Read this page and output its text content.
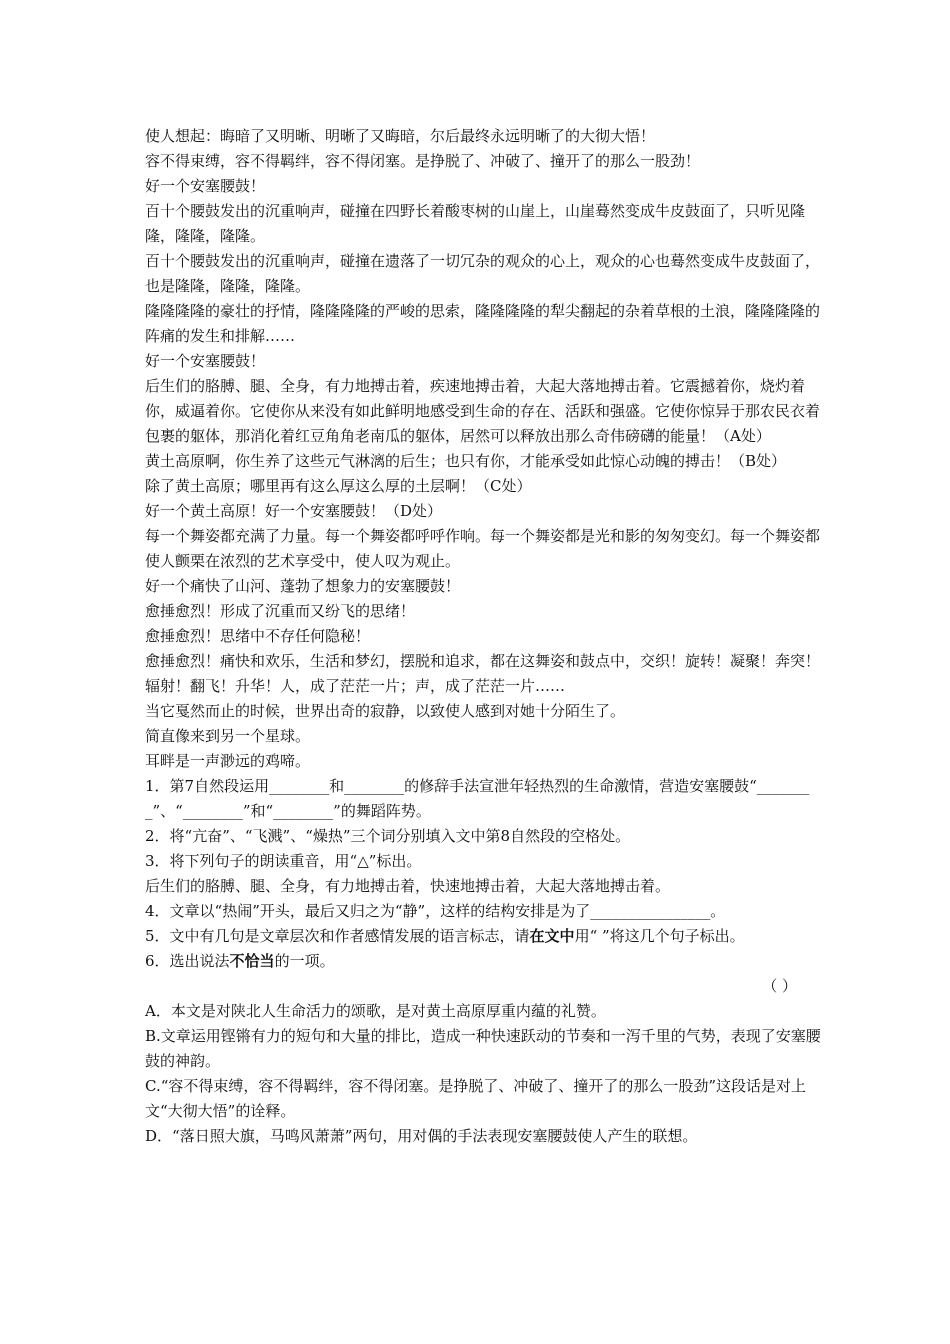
使人想起：晦暗了又明晰、明晰了又晦暗，尔后最终永远明晰了的大彻大悟！

容不得束缚，容不得羁绊，容不得闭塞。是挣脱了、冲破了、撞开了的那么一股劲！

好一个安塞腰鼓！

百十个腰鼓发出的沉重响声，碰撞在四野长着酸枣树的山崖上，山崖蓦然变成牛皮鼓面了，只听见隆隆，隆隆，隆隆。

百十个腰鼓发出的沉重响声，碰撞在遗落了一切冗杂的观众的心上，观众的心也蓦然变成牛皮鼓面了，也是隆隆，隆隆，隆隆。

隆隆隆隆的豪壮的抒情，隆隆隆隆的严峻的思索，隆隆隆隆的犁尖翻起的杂着草根的土浪，隆隆隆隆的阵痛的发生和排解……

好一个安塞腰鼓！

后生们的胳膊、腿、全身，有力地搏击着，疾速地搏击着，大起大落地搏击着。它震撼着你，烧灼着你，威逼着你。它使你从来没有如此鲜明地感受到生命的存在、活跃和强盛。它使你惊异于那农民衣着包裹的躯体，那消化着红豆角角老南瓜的躯体，居然可以释放出那么奇伟磅礴的能量！（A处）

黄土高原啊，你生养了这些元气淋漓的后生；也只有你，才能承受如此惊心动魄的搏击！（B处）

除了黄土高原；哪里再有这么厚这么厚的土层啊！（C处）

好一个黄土高原！好一个安塞腰鼓！（D处）

每一个舞姿都充满了力量。每一个舞姿都呼呼作响。每一个舞姿都是光和影的匆匆变幻。每一个舞姿都使人颤栗在浓烈的艺术享受中，使人叹为观止。

好一个痛快了山河、蓬勃了想象力的安塞腰鼓！

愈捶愈烈！形成了沉重而又纷飞的思绪！

愈捶愈烈！思绪中不存任何隐秘！

愈捶愈烈！痛快和欢乐，生活和梦幻，摆脱和追求，都在这舞姿和鼓点中，交织！旋转！凝聚！奔突！辐射！翻飞！升华！人，成了茫茫一片；声，成了茫茫一片……

当它戛然而止的时候，世界出奇的寂静，以致使人感到对她十分陌生了。

简直像来到另一个星球。

耳畔是一声渺远的鸡啼。

1．第7自然段运用________和________的修辞手法宣泄年轻热烈的生命激情，营造安塞腰鼓“________”、“________”和“________”的舞蹈阵势。

2．将“亢奋”、“飞溅”、“燥热”三个词分别填入文中第8自然段的空格处。

3．将下列句子的朗读重音，用“△”标出。

后生们的胳膊、腿、全身，有力地搏击着，快速地搏击着，大起大落地搏击着。

4．文章以“热闹”开头，最后又归之为“静”，这样的结构安排是为了________________。

5．文中有几句是文章层次和作者感情发展的语言标志，请在文中用“ ”将这几个句子标出。

6．选出说法不恰当的一项。

（ ）

A．本文是对陕北人生命活力的颂歌，是对黄土高原厚重内蕴的礼赞。

B.文章运用铿锵有力的短句和大量的排比，造成一种快速跃动的节奏和一泻千里的气势，表现了安塞腰鼓的神韵。

C.“容不得束缚，容不得羁绊，容不得闭塞。是挣脱了、冲破了、撞开了的那么一股劲”这段话是对上文“大彻大悟”的诠释。

D．“落日照大旗，马鸣风萧萧”两句，用对偶的手法表现安塞腰鼓使人产生的联想。
